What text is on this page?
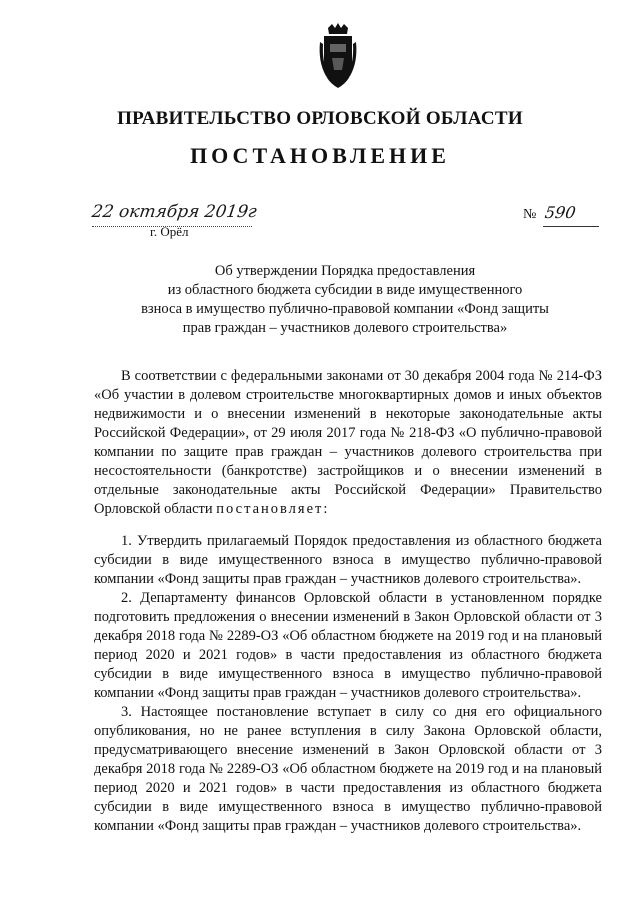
ПРАВИТЕЛЬСТВО ОРЛОВСКОЙ ОБЛАСТИ
ПОСТАНОВЛЕНИЕ
22 октября 2019г
г. Орёл
№ 590
Об утверждении Порядка предоставления
из областного бюджета субсидии в виде имущественного
взноса в имущество публично-правовой компании «Фонд защиты
прав граждан – участников долевого строительства»

В соответствии с федеральными законами от 30 декабря 2004 года № 214-ФЗ «Об участии в долевом строительстве многоквартирных домов и иных объектов недвижимости и о внесении изменений в некоторые законодательные акты Российской Федерации», от 29 июля 2017 года № 218-ФЗ «О публично-правовой компании по защите прав граждан – участников долевого строительства при несостоятельности (банкротстве) застройщиков и о внесении изменений в отдельные законодательные акты Российской Федерации» Правительство Орловской области постановляет:

1. Утвердить прилагаемый Порядок предоставления из областного бюджета субсидии в виде имущественного взноса в имущество публично-правовой компании «Фонд защиты прав граждан – участников долевого строительства».

2. Департаменту финансов Орловской области в установленном порядке подготовить предложения о внесении изменений в Закон Орловской области от 3 декабря 2018 года № 2289-ОЗ «Об областном бюджете на 2019 год и на плановый период 2020 и 2021 годов» в части предоставления из областного бюджета субсидии в виде имущественного взноса в имущество публично-правовой компании «Фонд защиты прав граждан – участников долевого строительства».

3. Настоящее постановление вступает в силу со дня его официального опубликования, но не ранее вступления в силу Закона Орловской области, предусматривающего внесение изменений в Закон Орловской области от 3 декабря 2018 года № 2289-ОЗ «Об областном бюджете на 2019 год и на плановый период 2020 и 2021 годов» в части предоставления из областного бюджета субсидии в виде имущественного взноса в имущество публично-правовой компании «Фонд защиты прав граждан – участников долевого строительства».
